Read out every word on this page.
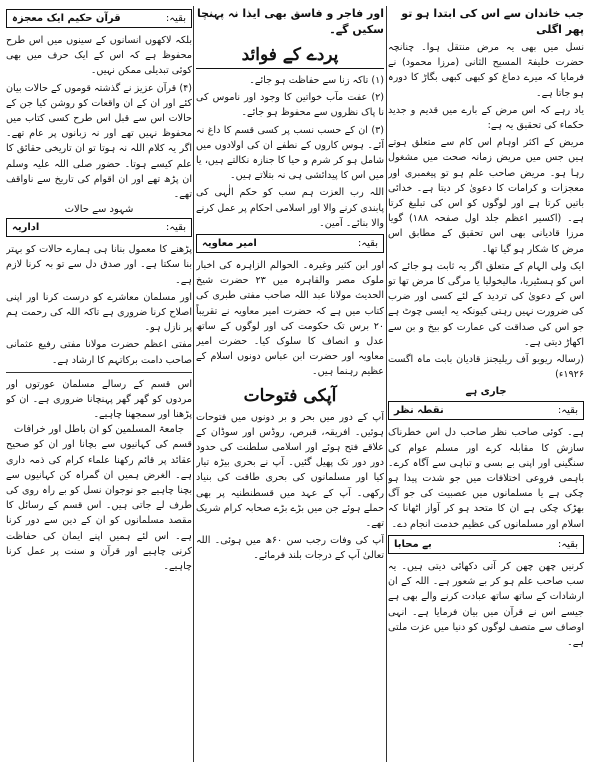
جب خاندان سے اس کی ابتدا ہو تو پھر اگلی

نسل میں بھی یہ مرض منتقل ہوا۔ چنانچہ حضرت خلیفۃ المسیح الثانی (مرزا محمود) نے فرمایا کہ میرے دماغ کو کبھی کبھی بگاڑ کا دورہ ہو جاتا ہے۔

یاد رہے کہ اس مرض کے بارے میں قدیم و جدید حکماء کی تحقیق یہ ہے:

مریض کے اکثر اوہام اس کام سے متعلق ہوتے ہیں جس میں مریض زمانہ صحت میں مشغول رہا ہو۔ مریض صاحب علم ہو تو پیغمبری اور معجزات و کرامات کا دعویٰ کر دیتا ہے۔ خدائی باتیں کرتا ہے اور لوگوں کو اس کی تبلیغ کرتا ہے۔ (اکسیر اعظم جلد اول صفحہ ۱۸۸) گویا مرزا قادیانی بھی اس تحقیق کے مطابق اس مرض کا شکار ہو گیا تھا۔

ایک ولی الہام کے متعلق اگر یہ ثابت ہو جائے کہ اس کو ہسٹیریا، مالیخولیا یا مرگی کا مرض تھا تو اس کے دعویٰ کی تردید کے لئے کسی اور ضرب کی ضرورت نہیں رہتی کیونکہ یہ ایسی چوٹ ہے جو اس کی صداقت کی عمارت کو بیخ و بن سے اکھاڑ دیتی ہے۔

(رسالہ ریویو آف ریلیجنز قادیان بابت ماہ اگست ۱۹۲۶ء)

جاری ہے

بقیہ:
نقطہ نظر

ہے۔ کوئی صاحب نظر صاحب دل اس خطرناک سازش کا مقابلہ کرے اور مسلم عوام کی سنگینی اور اپنی بے بسی و تباہی سے آگاہ کرے۔ باہمی فروعی اختلافات میں جو شدت پیدا ہو چکی ہے یا مسلمانوں میں عصبیت کی جو آگ بھڑک چکی ہے ان کا متحد ہو کر آواز اٹھانا کہ اسلام اور مسلمانوں کی عظیم خدمت انجام دے۔

بقیہ:
بے محابا

کرنیں چھن چھن کر آتی دکھائی دیتی ہیں۔ یہ سب صاحب علم ہو کر بے شعور ہے۔ اللہ کے ان ارشادات کے ساتھ ساتھ عبادت کرنے والے بھی ہے جیسے اس نے قرآن میں بیان فرمایا ہے۔ انہی اوصاف سے متصف لوگوں کو دنیا میں عزت ملتی ہے۔

اور فاجر و فاسق بھی ایذا نہ پہنچا سکیں گے۔

پردے کے فوائد

(۱) تاکہ زنا سے حفاظت ہو جائے۔

(۲) عفت مآب خواتین کا وجود اور ناموس کی نا پاک نظروں سے محفوظ ہو جائے۔

(۳) ان کے حسب نسب پر کسی قسم کا داغ نہ آئے۔ ہوس کاروں کے نطفے ان کی اولادوں میں شامل ہو کر شرم و حیا کا جنازہ نکالتے ہیں، یا میں اس کا پیدائشی ہی نہ بتلاتے ہیں۔

اللہ رب العزت ہم سب کو حکم الٰہی کی پابندی کرنے والا اور اسلامی احکام پر عمل کرنے والا بنائے۔ آمین۔

بقیہ:
امیر معاویہ

اور ابن کثیر وغیرہ۔ الحوالم الزاہرہ کی اخبار ملوک مصر والقاہرہ میں ۲۳ حضرت شیخ الحدیث مولانا عبد اللہ صاحب مفتی طبری کی کتاب میں ہے کہ حضرت امیر معاویہ نے تقریباً ۲۰ برس تک حکومت کی اور لوگوں کے ساتھ عدل و انصاف کا سلوک کیا۔ حضرت امیر معاویہ اور حضرت ابن عباس دونوں اسلام کے عظیم رہنما ہیں۔

آپکی فتوحات

آپ کے دور میں بحر و بر دونوں میں فتوحات ہوئیں۔ افریقہ، قبرص، روڈس اور سوڈان کے علاقے فتح ہوئے اور اسلامی سلطنت کی حدود دور دور تک پھیل گئیں۔ آپ نے بحری بیڑہ تیار کیا اور مسلمانوں کی بحری طاقت کی بنیاد رکھی۔ آپ کے عہد میں قسطنطنیہ پر بھی حملے ہوئے جن میں بڑے بڑے صحابہ کرام شریک تھے۔

آپ کی وفات رجب سن ۶۰ھ میں ہوئی۔ اللہ تعالیٰ آپ کے درجات بلند فرمائے۔

بقیہ:
قرآن حکیم ایک معجزہ

بلکہ لاکھوں انسانوں کے سینوں میں اس طرح محفوظ ہے کہ اس کے ایک حرف میں بھی کوئی تبدیلی ممکن نہیں۔

(۴) قرآن عزیز نے گذشتہ قوموں کے حالات بیان کئے اور ان کے ان واقعات کو روشن کیا جن کے حالات اس سے قبل اس طرح کسی کتاب میں محفوظ نہیں تھے اور نہ زبانوں پر عام تھے۔ اگر یہ کلام اللہ نہ ہوتا تو ان تاریخی حقائق کا علم کیسے ہوتا۔ حضور صلی اللہ علیہ وسلم ان پڑھ تھے اور ان اقوام کی تاریخ سے ناواقف تھے۔

شہود سے حالات

بقیہ:
اداریہ

پڑھنے کا معمول بنانا ہی ہمارے حالات کو بہتر بنا سکتا ہے۔ اور صدق دل سے تو بہ کرنا لازم ہے۔

اور مسلمان معاشرے کو درست کرنا اور اپنی اصلاح کرنا ضروری ہے تاکہ اللہ کی رحمت ہم پر نازل ہو۔

مفتی اعظم حضرت مولانا مفتی رفیع عثمانی صاحب دامت برکاتہم کا ارشاد ہے۔

اس قسم کے رسالے مسلمان عورتوں اور مردوں کو گھر گھر پہنچانا ضروری ہے۔ ان کو پڑھنا اور سمجھنا چاہیے۔

جامعۃ المسلمین کو ان باطل اور خرافات

قسم کی کہانیوں سے بچانا اور ان کو صحیح عقائد پر قائم رکھنا علماء کرام کی ذمہ داری ہے۔ الغرض ہمیں ان گمراہ کن کہانیوں سے بچنا چاہیے جو نوجوان نسل کو بے راہ روی کی طرف لے جاتی ہیں۔ اس قسم کے رسائل کا مقصد مسلمانوں کو ان کے دین سے دور کرنا ہے۔ اس لئے ہمیں اپنے ایمان کی حفاظت کرنی چاہیے اور قرآن و سنت پر عمل کرنا چاہیے۔
